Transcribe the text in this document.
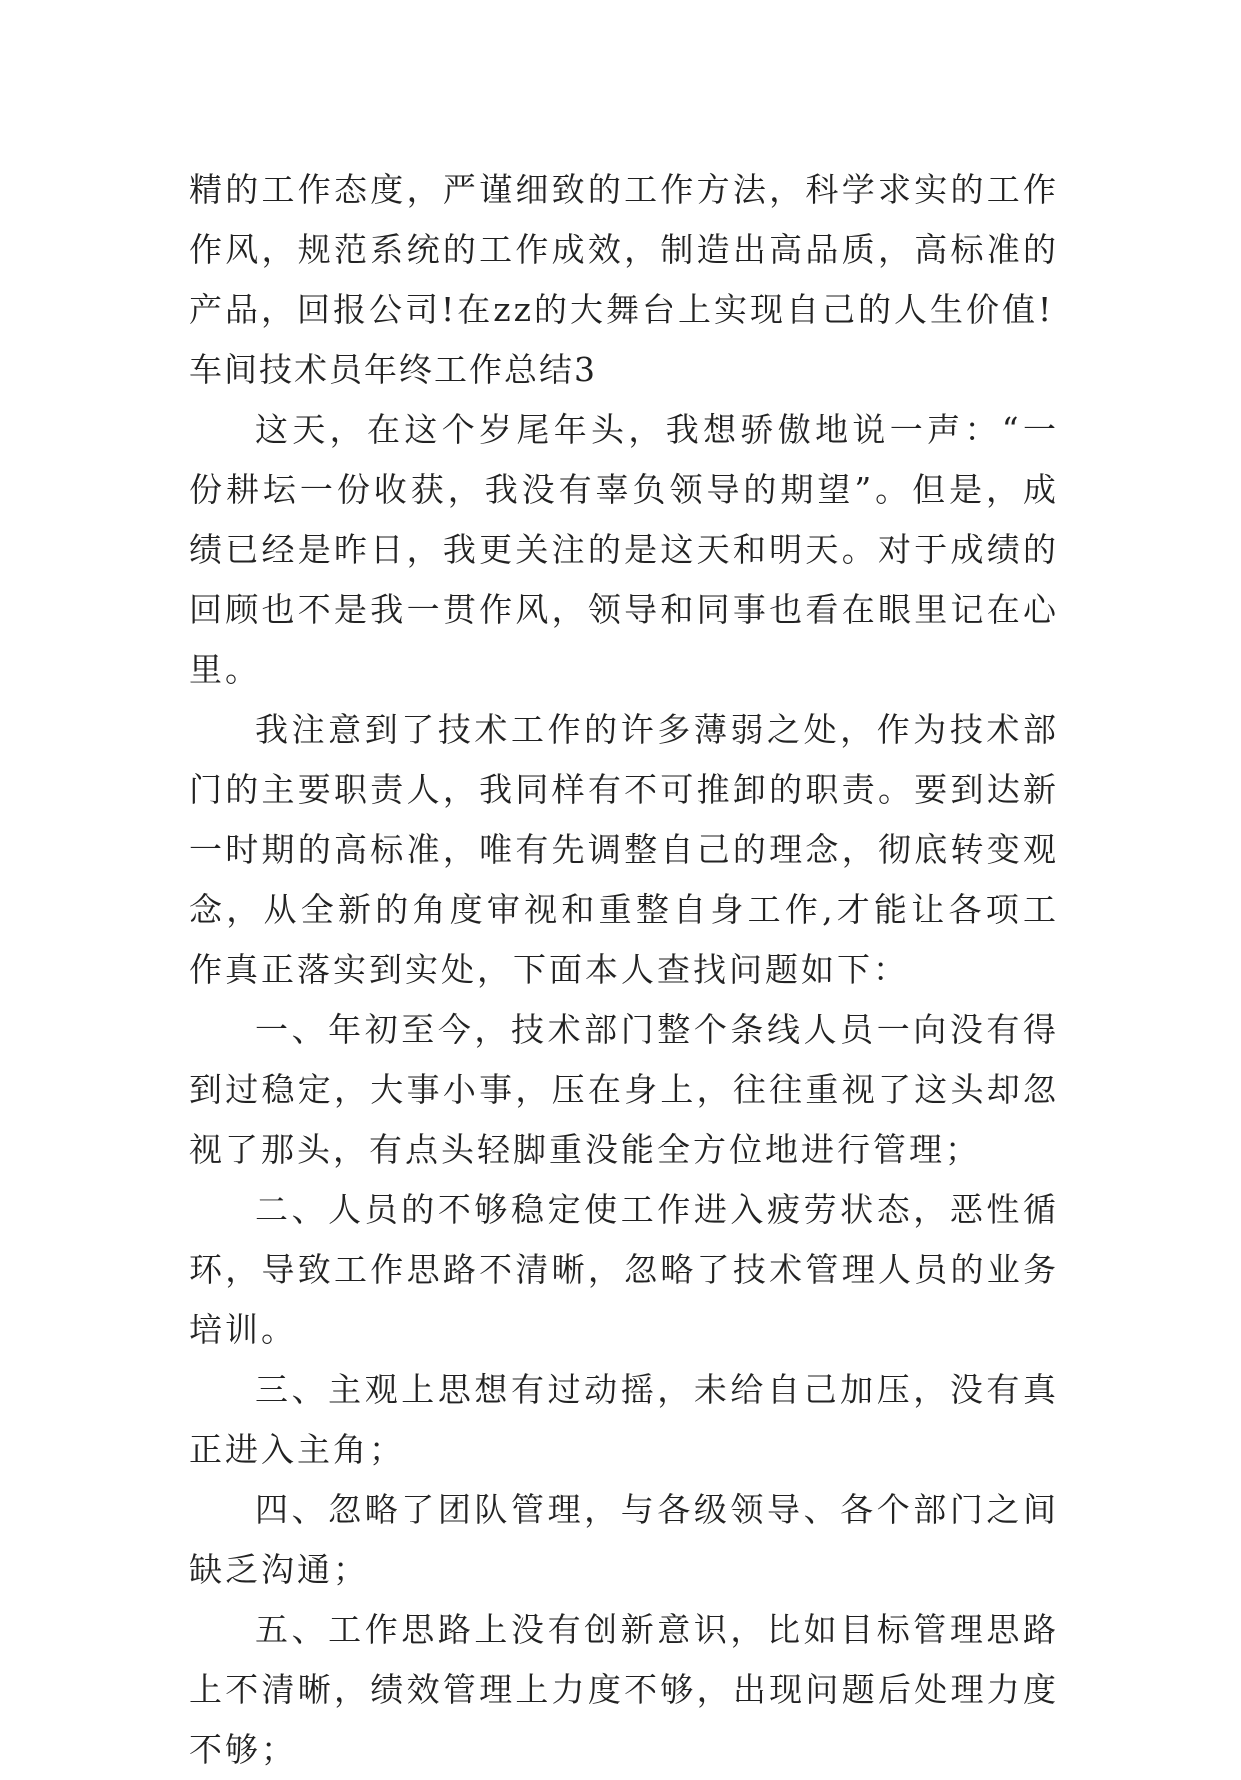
精的工作态度，严谨细致的工作方法，科学求实的工作作风，规范系统的工作成效，制造出高品质，高标准的产品，回报公司!在zz的大舞台上实现自己的人生价值!

车间技术员年终工作总结3

这天，在这个岁尾年头，我想骄傲地说一声：“一份耕坛一份收获，我没有辜负领导的期望”。但是，成绩已经是昨日，我更关注的是这天和明天。对于成绩的回顾也不是我一贯作风，领导和同事也看在眼里记在心里。

我注意到了技术工作的许多薄弱之处，作为技术部门的主要职责人，我同样有不可推卸的职责。要到达新一时期的高标准，唯有先调整自己的理念，彻底转变观念，从全新的角度审视和重整自身工作,才能让各项工作真正落实到实处，下面本人查找问题如下：

一、年初至今，技术部门整个条线人员一向没有得到过稳定，大事小事，压在身上，往往重视了这头却忽视了那头，有点头轻脚重没能全方位地进行管理；

二、人员的不够稳定使工作进入疲劳状态，恶性循环，导致工作思路不清晰，忽略了技术管理人员的业务培训。

三、主观上思想有过动摇，未给自己加压，没有真正进入主角；

四、忽略了团队管理，与各级领导、各个部门之间缺乏沟通；

五、工作思路上没有创新意识，比如目标管理思路上不清晰，绩效管理上力度不够，出现问题后处理力度不够；
